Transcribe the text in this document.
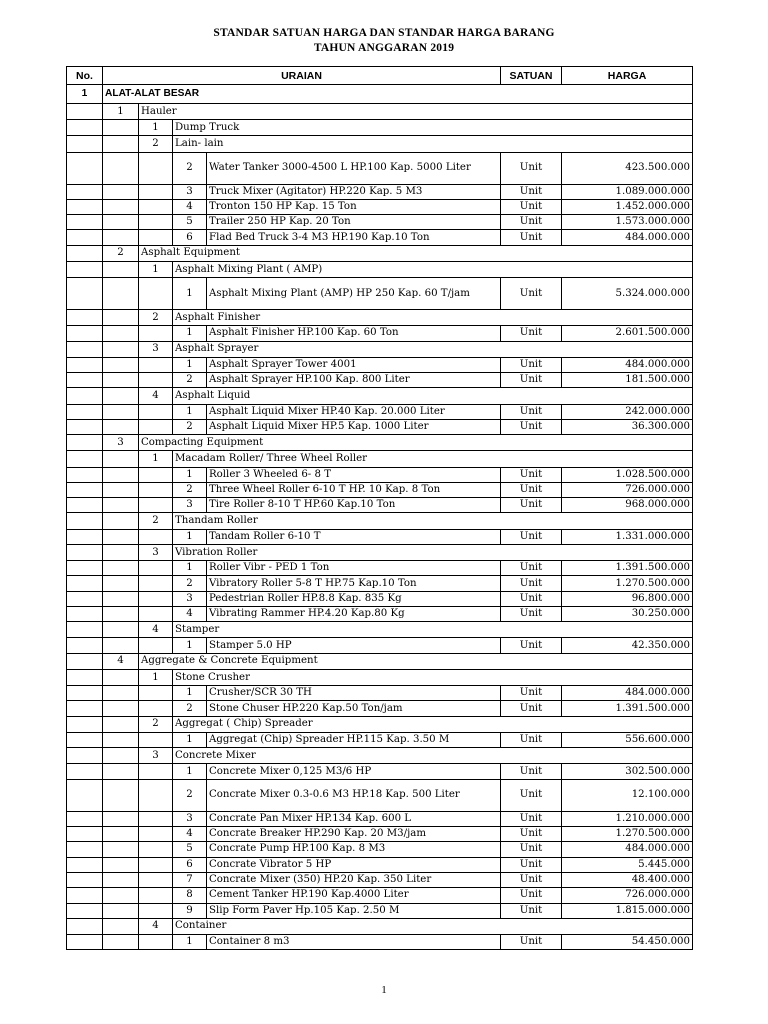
STANDAR SATUAN HARGA DAN STANDAR HARGA BARANG
TAHUN ANGGARAN 2019
No.	URAIAN				SATUAN	HARGA
1	ALAT-ALAT BESAR					
	1	Hauler				
		1	Dump Truck			
		2	Lain- lain			
			2	Water Tanker 3000-4500 L HP.100 Kap. 5000 Liter	Unit	423.500.000
			3	Truck Mixer (Agitator) HP.220 Kap. 5 M3	Unit	1.089.000.000
			4	Tronton 150 HP Kap. 15 Ton	Unit	1.452.000.000
			5	Trailer 250 HP Kap. 20 Ton	Unit	1.573.000.000
			6	Flad Bed Truck 3-4 M3 HP.190 Kap.10 Ton	Unit	484.000.000
	2	Asphalt Equipment				
		1	Asphalt Mixing Plant ( AMP)			
			1	Asphalt Mixing Plant (AMP) HP 250 Kap. 60 T/jam	Unit	5.324.000.000
		2	Asphalt Finisher			
			1	Asphalt Finisher HP.100 Kap. 60 Ton	Unit	2.601.500.000
		3	Asphalt Sprayer			
			1	Asphalt Sprayer Tower 4001	Unit	484.000.000
			2	Asphalt Sprayer HP.100 Kap. 800 Liter	Unit	181.500.000
		4	Asphalt Liquid			
			1	Asphalt Liquid Mixer HP.40 Kap. 20.000 Liter	Unit	242.000.000
			2	Asphalt Liquid Mixer HP.5 Kap. 1000 Liter	Unit	36.300.000
	3	Compacting Equipment				
		1	Macadam Roller/ Three Wheel Roller			
			1	Roller 3 Wheeled 6- 8 T	Unit	1.028.500.000
			2	Three Wheel Roller 6-10 T HP. 10 Kap. 8 Ton	Unit	726.000.000
			3	Tire Roller 8-10 T HP.60 Kap.10 Ton	Unit	968.000.000
		2	Thandam Roller			
			1	Tandam Roller 6-10 T	Unit	1.331.000.000
		3	Vibration Roller			
			1	Roller Vibr - PED 1 Ton	Unit	1.391.500.000
			2	Vibratory Roller 5-8 T HP.75 Kap.10 Ton	Unit	1.270.500.000
			3	Pedestrian Roller HP.8.8 Kap. 835 Kg	Unit	96.800.000
			4	Vibrating Rammer HP.4.20 Kap.80 Kg	Unit	30.250.000
		4	Stamper			
			1	Stamper 5.0 HP	Unit	42.350.000
	4	Aggregate & Concrete Equipment				
		1	Stone Crusher			
			1	Crusher/SCR 30 TH	Unit	484.000.000
			2	Stone Chuser HP.220 Kap.50 Ton/jam	Unit	1.391.500.000
		2	Aggregat ( Chip) Spreader			
			1	Aggregat (Chip) Spreader HP.115 Kap. 3.50 M	Unit	556.600.000
		3	Concrete Mixer			
			1	Concrete Mixer 0,125 M3/6 HP	Unit	302.500.000
			2	Concrate Mixer 0.3-0.6 M3 HP.18 Kap. 500 Liter	Unit	12.100.000
			3	Concrate Pan Mixer HP.134 Kap. 600 L	Unit	1.210.000.000
			4	Concrate Breaker HP.290 Kap. 20 M3/jam	Unit	1.270.500.000
			5	Concrate Pump HP.100 Kap. 8 M3	Unit	484.000.000
			6	Concrate Vibrator 5 HP	Unit	5.445.000
			7	Concrate Mixer (350) HP.20 Kap. 350 Liter	Unit	48.400.000
			8	Cement Tanker HP.190 Kap.4000 Liter	Unit	726.000.000
			9	Slip Form Paver Hp.105 Kap. 2.50 M	Unit	1.815.000.000
		4	Container			
			1	Container 8 m3	Unit	54.450.000
1
